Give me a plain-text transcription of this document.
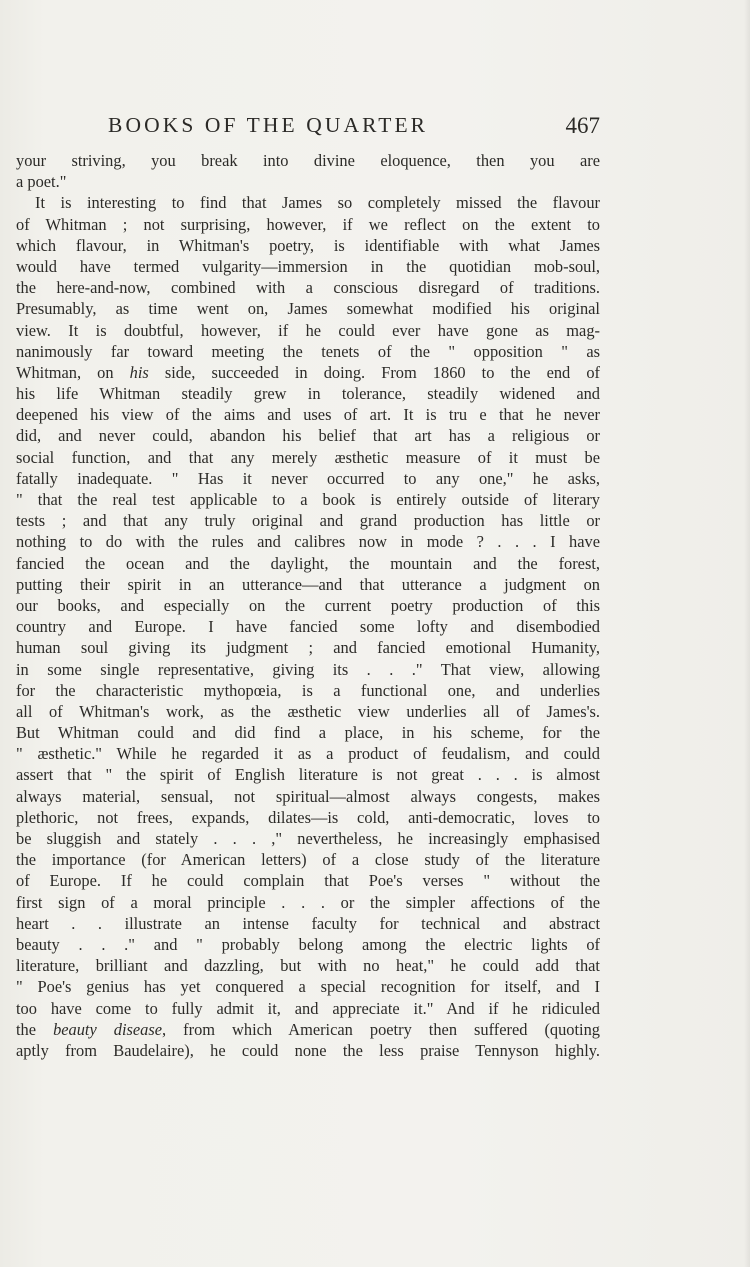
BOOKS OF THE QUARTER	467
your striving, you break into divine eloquence, then you are
a poet."
It is interesting to find that James so completely missed the flavour
of Whitman ; not surprising, however, if we reflect on the extent to
which flavour, in Whitman's poetry, is identifiable with what James
would have termed vulgarity—immersion in the quotidian mob-soul,
the here-and-now, combined with a conscious disregard of traditions.
Presumably, as time went on, James somewhat modified his original
view. It is doubtful, however, if he could ever have gone as mag-
nanimously far toward meeting the tenets of the " opposition " as
Whitman, on his side, succeeded in doing. From 1860 to the end of
his life Whitman steadily grew in tolerance, steadily widened and
deepened his view of the aims and uses of art. It is tru e that he never
did, and never could, abandon his belief that art has a religious or
social function, and that any merely æsthetic measure of it must be
fatally inadequate. " Has it never occurred to any one," he asks,
" that the real test applicable to a book is entirely outside of literary
tests ; and that any truly original and grand production has little or
nothing to do with the rules and calibres now in mode ? . . . I have
fancied the ocean and the daylight, the mountain and the forest,
putting their spirit in an utterance—and that utterance a judgment on
our books, and especially on the current poetry production of this
country and Europe. I have fancied some lofty and disembodied
human soul giving its judgment ; and fancied emotional Humanity,
in some single representative, giving its . . ." That view, allowing
for the characteristic mythopœia, is a functional one, and underlies
all of Whitman's work, as the æsthetic view underlies all of James's.
But Whitman could and did find a place, in his scheme, for the
" æsthetic." While he regarded it as a product of feudalism, and could
assert that " the spirit of English literature is not great . . . is almost
always material, sensual, not spiritual—almost always congests, makes
plethoric, not frees, expands, dilates—is cold, anti-democratic, loves to
be sluggish and stately . . . ," nevertheless, he increasingly emphasised
the importance (for American letters) of a close study of the literature
of Europe. If he could complain that Poe's verses " without the
first sign of a moral principle . . . or the simpler affections of the
heart . . illustrate an intense faculty for technical and abstract
beauty . . ." and " probably belong among the electric lights of
literature, brilliant and dazzling, but with no heat," he could add that
" Poe's genius has yet conquered a special recognition for itself, and I
too have come to fully admit it, and appreciate it." And if he ridiculed
the beauty disease, from which American poetry then suffered (quoting
aptly from Baudelaire), he could none the less praise Tennyson highly.
